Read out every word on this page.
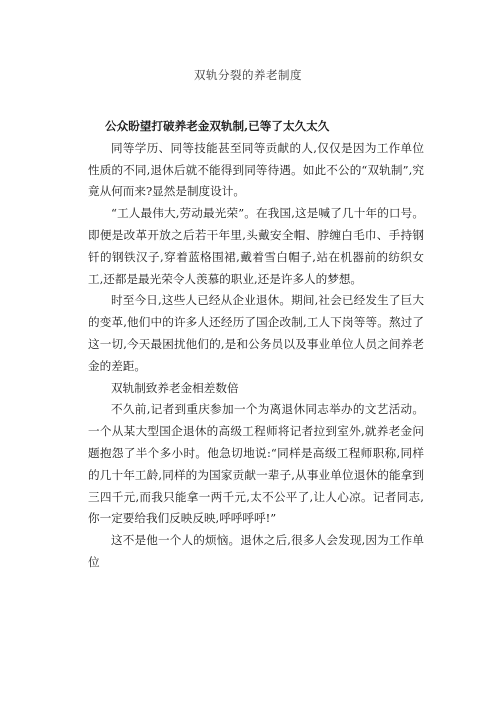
双轨分裂的养老制度
公众盼望打破养老金双轨制,已等了太久太久

同等学历、同等技能甚至同等贡献的人,仅仅是因为工作单位性质的不同,退休后就不能得到同等待遇。如此不公的“双轨制”,究竟从何而来?显然是制度设计。

“工人最伟大,劳动最光荣”。在我国,这是喊了几十年的口号。即便是改革开放之后若干年里,头戴安全帽、脖缠白毛巾、手持钢钎的钢铁汉子,穿着蓝格围裙,戴着雪白帽子,站在机器前的纺织女工,还都是最光荣令人羡慕的职业,还是许多人的梦想。

时至今日,这些人已经从企业退休。期间,社会已经发生了巨大的变革,他们中的许多人还经历了国企改制,工人下岗等等。熬过了这一切,今天最困扰他们的,是和公务员以及事业单位人员之间养老金的差距。

双轨制致养老金相差数倍

不久前,记者到重庆参加一个为离退休同志举办的文艺活动。一个从某大型国企退休的高级工程师将记者拉到室外,就养老金问题抱怨了半个多小时。他急切地说:“同样是高级工程师职称,同样的几十年工龄,同样的为国家贡献一辈子,从事业单位退休的能拿到三四千元,而我只能拿一两千元,太不公平了,让人心凉。记者同志,你一定要给我们反映反映,呼呼呼呼!”

这不是他一个人的烦恼。退休之后,很多人会发现,因为工作单位
